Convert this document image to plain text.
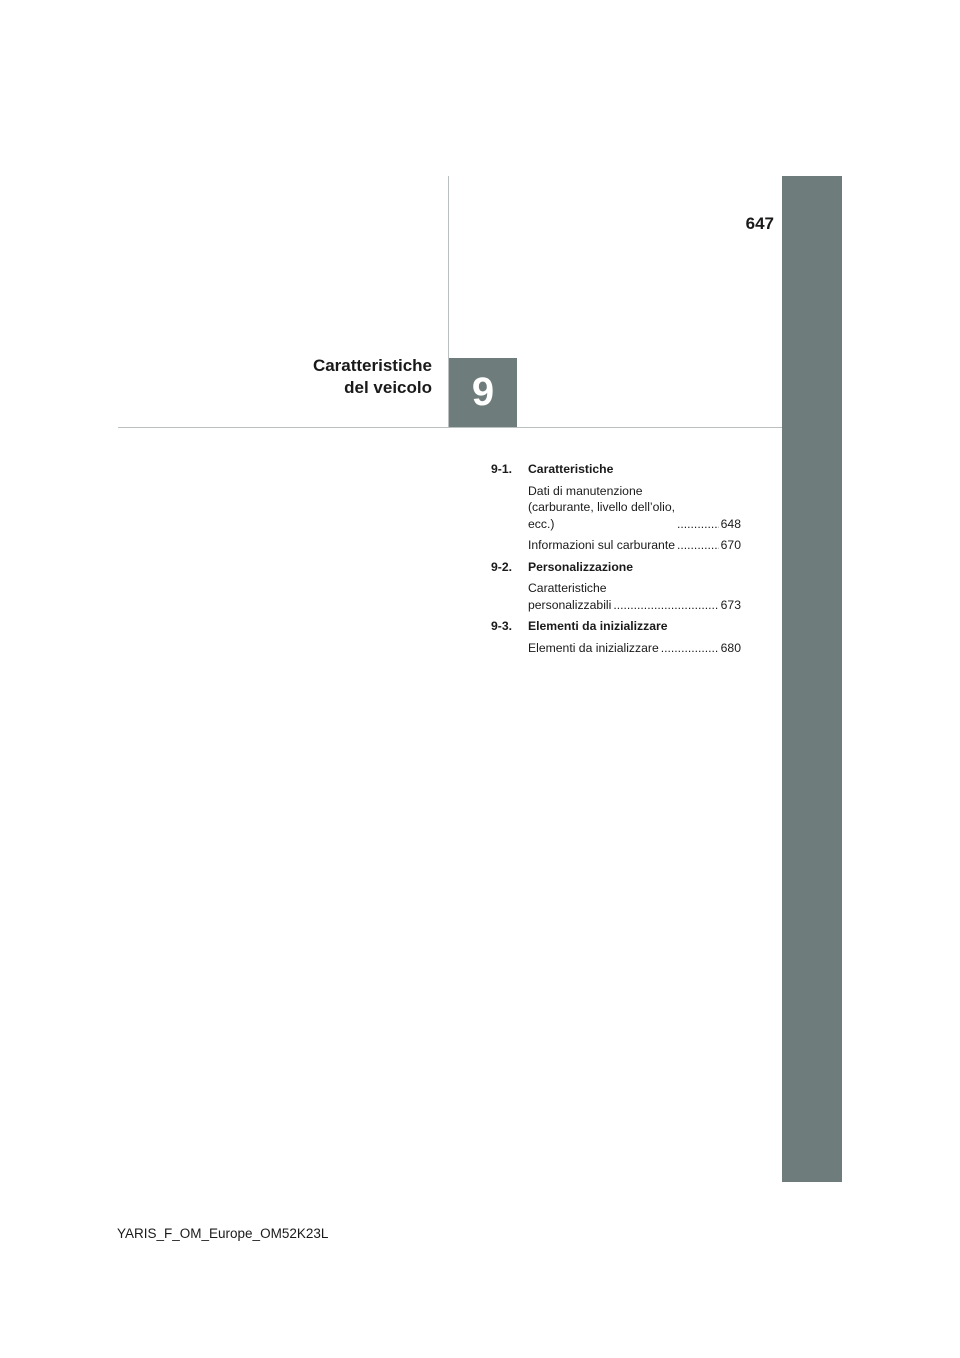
647
Caratteristiche
del veicolo 9
9-1.	Caratteristiche
Dati di manutenzione
(carburante, livello dell’olio,
ecc.) .....	648
Informazioni sul carburante .....	670
9-2.	Personalizzazione
Caratteristiche
personalizzabili .....	673
9-3.	Elementi da inizializzare
Elementi da inizializzare .....	680
YARIS_F_OM_Europe_OM52K23L
